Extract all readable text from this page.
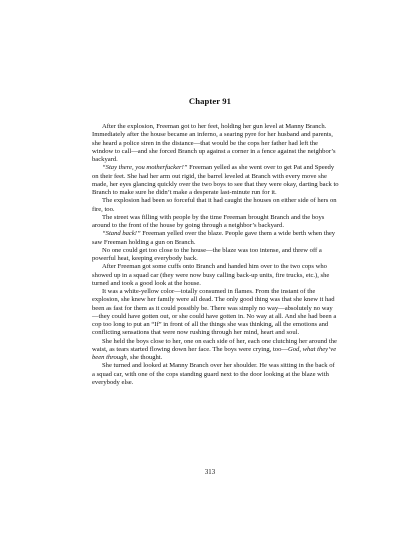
Chapter 91

After the explosion, Freeman got to her feet, holding her gun level at Manny Branch. Immediately after the house became an inferno, a searing pyre for her husband and parents, she heard a police siren in the distance—that would be the cops her father had left the window to call—and she forced Branch up against a corner in a fence against the neighbor’s backyard.

“Stay there, you motherfucker!” Freeman yelled as she went over to get Pat and Speedy on their feet. She had her arm out rigid, the barrel leveled at Branch with every move she made, her eyes glancing quickly over the two boys to see that they were okay, darting back to Branch to make sure he didn’t make a desperate last-minute run for it.

The explosion had been so forceful that it had caught the houses on either side of hers on fire, too.

The street was filling with people by the time Freeman brought Branch and the boys around to the front of the house by going through a neighbor’s backyard.

“Stand back!” Freeman yelled over the blaze. People gave them a wide berth when they saw Freeman holding a gun on Branch.

No one could get too close to the house—the blaze was too intense, and threw off a powerful heat, keeping everybody back.

After Freeman got some cuffs onto Branch and handed him over to the two cops who showed up in a squad car (they were now busy calling back-up units, fire trucks, etc.), she turned and took a good look at the house.

It was a white-yellow color—totally consumed in flames. From the instant of the explosion, she knew her family were all dead. The only good thing was that she knew it had been as fast for them as it could possibly be. There was simply no way—absolutely no way—they could have gotten out, or she could have gotten in. No way at all. And she had been a cop too long to put an “If” in front of all the things she was thinking, all the emotions and conflicting sensations that were now rushing through her mind, heart and soul.

She held the boys close to her, one on each side of her, each one clutching her around the waist, as tears started flowing down her face. The boys were crying, too—God, what they’ve been through, she thought.

She turned and looked at Manny Branch over her shoulder. He was sitting in the back of a squad car, with one of the cops standing guard next to the door looking at the blaze with everybody else.

313
